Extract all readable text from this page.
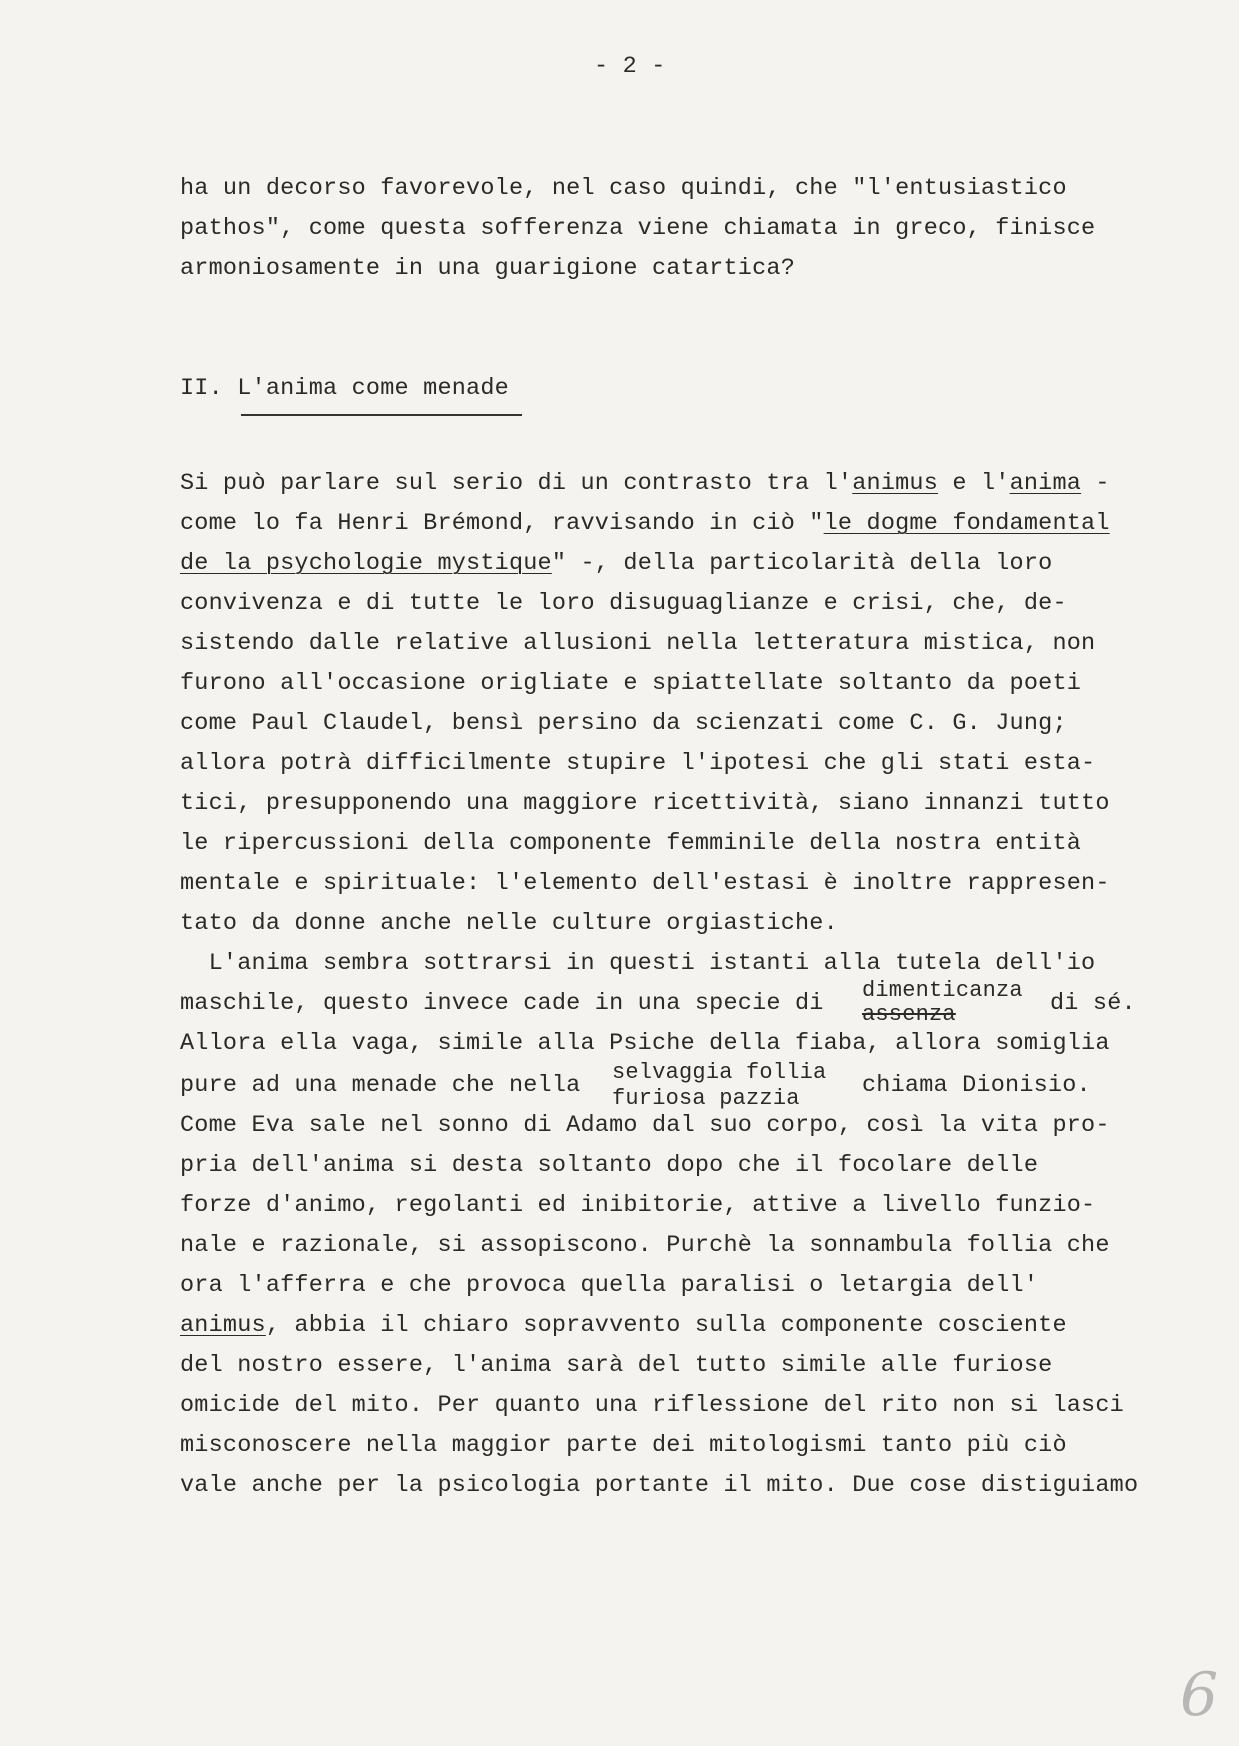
- 2 -
ha un decorso favorevole, nel caso quindi, che "l'entusiastico
pathos", come questa sofferenza viene chiamata in greco, finisce
armoniosamente in una guarigione catartica?
II. L'anima come menade
Si può parlare sul serio di un contrasto tra l'animus e l'anima -
come lo fa Henri Brémond, ravvisando in ciò "le dogme fondamental
de la psychologie mystique" -, della particolarità della loro
convivenza e di tutte le loro disuguaglianze e crisi, che, de-
sistendo dalle relative allusioni nella letteratura mistica, non
furono all'occasione origliate e spiattellate soltanto da poeti
come Paul Claudel, bensì persino da scienzati come C. G. Jung;
allora potrà difficilmente stupire l'ipotesi che gli stati esta-
tici, presupponendo una maggiore ricettività, siano innanzi tutto
le ripercussioni della componente femminile della nostra entità
mentale e spirituale: l'elemento dell'estasi è inoltre rappresen-
tato da donne anche nelle culture orgiastiche.
L'anima sembra sottrarsi in questi istanti alla tutela dell'io
maschile, questo invece cade in una specie di dimenticanza
assenza	di sé.
Allora ella vaga, simile alla Psiche della fiaba, allora somiglia
pure ad una menade che nella selvaggia follia
furiosa pazzia	chiama Dionisio.
Come Eva sale nel sonno di Adamo dal suo corpo, così la vita pro-
pria dell'anima si desta soltanto dopo che il focolare delle
forze d'animo, regolanti ed inibitorie, attive a livello funzio-
nale e razionale, si assopiscono. Purchè la sonnambula follia che
ora l'afferra e che provoca quella paralisi o letargia dell'
animus, abbia il chiaro sopravvento sulla componente cosciente
del nostro essere, l'anima sarà del tutto simile alle furiose
omicide del mito. Per quanto una riflessione del rito non si lasci
misconoscere nella maggior parte dei mitologismi tanto più ciò
vale anche per la psicologia portante il mito. Due cose distiguiamo
6
